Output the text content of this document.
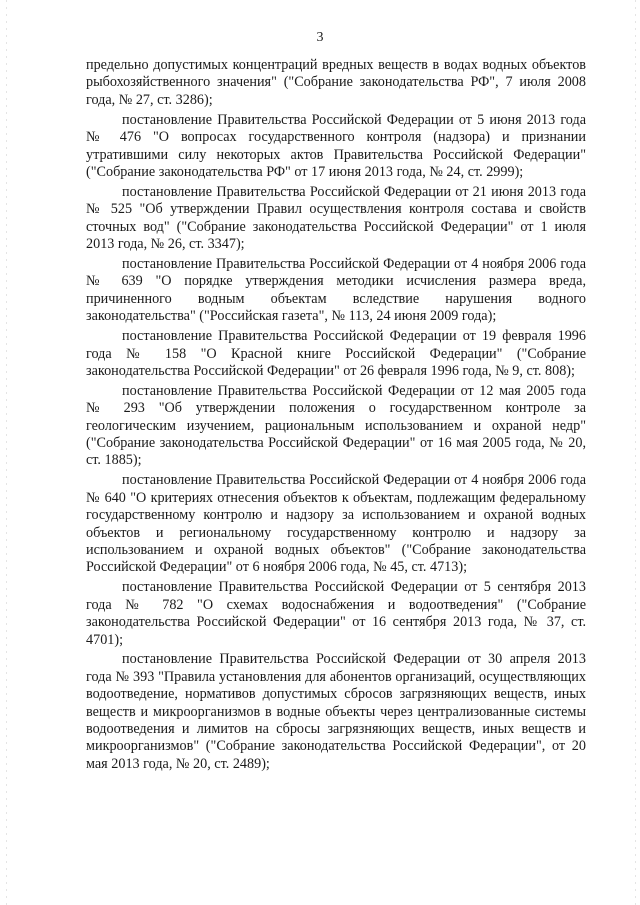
3

предельно допустимых концентраций вредных веществ в водах водных объектов рыбохозяйственного значения" ("Собрание законодательства РФ", 7 июля 2008 года, № 27, ст. 3286);

постановление Правительства Российской Федерации от 5 июня 2013 года № 476 "О вопросах государственного контроля (надзора) и признании утратившими силу некоторых актов Правительства Российской Федерации" ("Собрание законодательства РФ" от 17 июня 2013 года, № 24, ст. 2999);

постановление Правительства Российской Федерации от 21 июня 2013 года № 525 "Об утверждении Правил осуществления контроля состава и свойств сточных вод" ("Собрание законодательства Российской Федерации" от 1 июля 2013 года, № 26, ст. 3347);

постановление Правительства Российской Федерации от 4 ноября 2006 года № 639 "О порядке утверждения методики исчисления размера вреда, причиненного водным объектам вследствие нарушения водного законодательства" ("Российская газета", № 113, 24 июня 2009 года);

постановление Правительства Российской Федерации от 19 февраля 1996 года № 158 "О Красной книге Российской Федерации" ("Собрание законодательства Российской Федерации" от 26 февраля 1996 года, № 9, ст. 808);

постановление Правительства Российской Федерации от 12 мая 2005 года № 293 "Об утверждении положения о государственном контроле за геологическим изучением, рациональным использованием и охраной недр" ("Собрание законодательства Российской Федерации" от 16 мая 2005 года, № 20, ст. 1885);

постановление Правительства Российской Федерации от 4 ноября 2006 года № 640 "О критериях отнесения объектов к объектам, подлежащим федеральному государственному контролю и надзору за использованием и охраной водных объектов и региональному государственному контролю и надзору за использованием и охраной водных объектов" ("Собрание законодательства Российской Федерации" от 6 ноября 2006 года, № 45, ст. 4713);

постановление Правительства Российской Федерации от 5 сентября 2013 года № 782 "О схемах водоснабжения и водоотведения" ("Собрание законодательства Российской Федерации" от 16 сентября 2013 года, № 37, ст. 4701);

постановление Правительства Российской Федерации от 30 апреля 2013 года № 393 "Правила установления для абонентов организаций, осуществляющих водоотведение, нормативов допустимых сбросов загрязняющих веществ, иных веществ и микроорганизмов в водные объекты через централизованные системы водоотведения и лимитов на сбросы загрязняющих веществ, иных веществ и микроорганизмов" ("Собрание законодательства Российской Федерации", от 20 мая 2013 года, № 20, ст. 2489);
